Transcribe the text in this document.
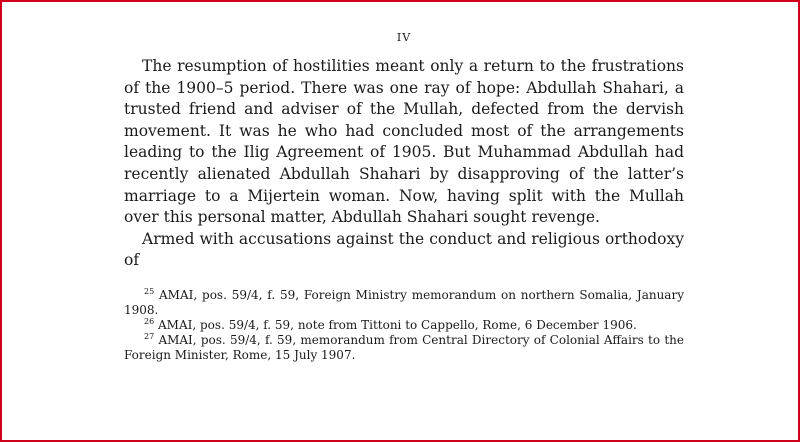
IV

The resumption of hostilities meant only a return to the frustrations of the 1900–5 period. There was one ray of hope: Abdullah Shahari, a trusted friend and adviser of the Mullah, defected from the dervish movement. It was he who had concluded most of the arrangements leading to the Ilig Agreement of 1905. But Muhammad Abdullah had recently alienated Abdullah Shahari by disapproving of the latter’s marriage to a Mijertein woman. Now, having split with the Mullah over this personal matter, Abdullah Shahari sought revenge.

Armed with accusations against the conduct and religious orthodoxy of

$^{25}$ AMAI, pos. 59/4, f. 59, Foreign Ministry memorandum on northern Somalia, January 1908.

$^{26}$ AMAI, pos. 59/4, f. 59, note from Tittoni to Cappello, Rome, 6 December 1906.

$^{27}$ AMAI, pos. 59/4, f. 59, memorandum from Central Directory of Colonial Affairs to the Foreign Minister, Rome, 15 July 1907.
